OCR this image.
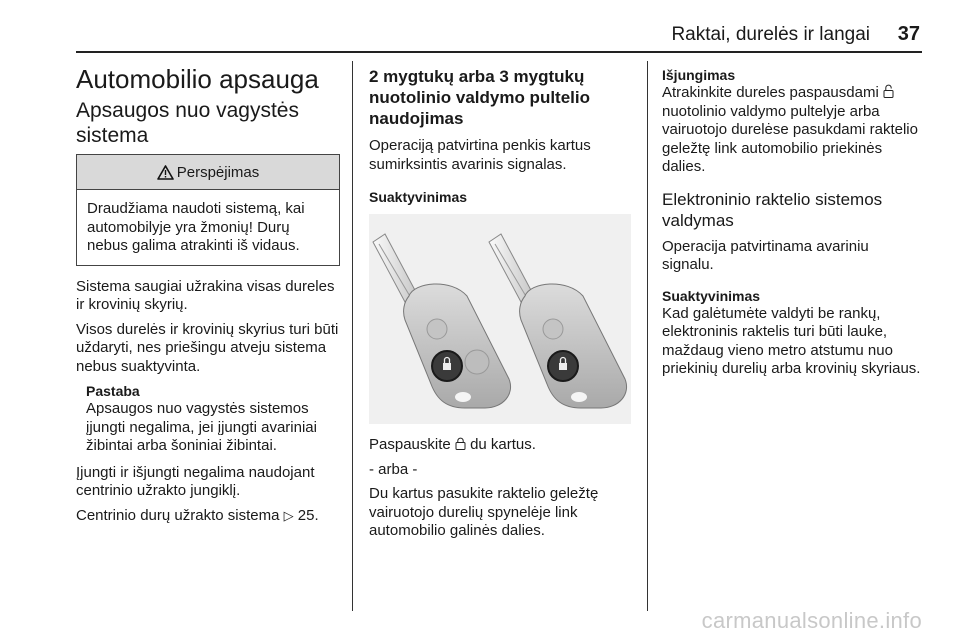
Raktai, durelės ir langai	37
Automobilio apsauga
Apsaugos nuo vagystės sistema
Perspėjimas
Draudžiama naudoti sistemą, kai automobilyje yra žmonių! Durų nebus galima atrakinti iš vidaus.

Sistema saugiai užrakina visas dureles ir krovinių skyrių.

Visos durelės ir krovinių skyrius turi būti uždaryti, nes priešingu atveju sistema nebus suaktyvinta.

Pastaba

Apsaugos nuo vagystės sistemos įjungti negalima, jei įjungti avariniai žibintai arba šoniniai žibintai.

Įjungti ir išjungti negalima naudojant centrinio užrakto jungiklį.

Centrinio durų užrakto sistema ▷ 25.

2 mygtukų arba 3 mygtukų nuotolinio valdymo pultelio naudojimas

Operaciją patvirtina penkis kartus sumirksintis avarinis signalas.

Suaktyvinimas

Paspauskite du kartus.

- arba -

Du kartus pasukite raktelio geležtę vairuotojo durelių spynelėje link automobilio galinės dalies.

Išjungimas

Atrakinkite dureles paspausdami  nuotolinio valdymo pultelyje arba vairuotojo durelėse pasukdami raktelio geležtę link automobilio priekinės dalies.

Elektroninio raktelio sistemos valdymas

Operacija patvirtinama avariniu signalu.

Suaktyvinimas

Kad galėtumėte valdyti be rankų, elektroninis raktelis turi būti lauke, maždaug vieno metro atstumu nuo priekinių durelių arba krovinių skyriaus.

carmanualsonline.info
